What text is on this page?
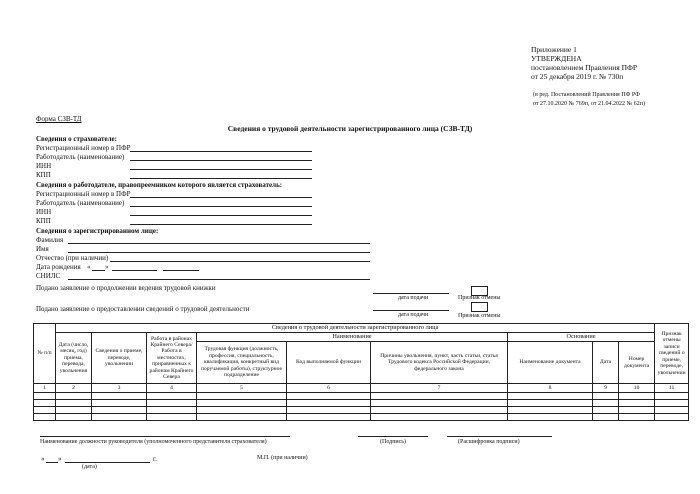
Приложение 1
УТВЕРЖДЕНА
постановлением Правления ПФР
от 25 декабря 2019 г. № 730п
(в ред. Постановлений Правления ПФ РФ
от 27.10.2020 № 769п, от 21.04.2022 № 62п)
Форма СЗВ-ТД
Сведения о трудовой деятельности зарегистрированного лица (СЗВ-ТД)
Сведения о страхователе:
Регистрационный номер в ПФР
Работодатель (наименование)
ИНН
КПП
Сведения о работодателе, правопреемником которого является страхователь:
Регистрационный номер в ПФР
Работодатель (наименование)
ИНН
КПП
Сведения о зарегистрированном лице:
Фамилия
Имя
Отчество (при наличии)
Дата рождения « »
СНИЛС
Подано заявление о продолжении ведения трудовой книжки
дата подачи	Признак отмены
Подано заявление о предоставлении сведений о трудовой деятельности
дата подачи	Признак отмены
№ п/п	Сведения о трудовой деятельности зарегистрированного лица									Признак отмены записи сведений о приеме, переводе, увольнении
	Дата (число, месяц, год) приема, перевода, увольнения	Сведения о приеме, переводе, увольнении	Работа в районах Крайнего Севера/Работа в местностях, приравненных к районам Крайнего Севера	Наименование			Основание			
				Трудовая функция (должность, профессия, специальность, квалификация, конкретный вид поручаемой работы), структурное подразделение	Код выполняемой функции	Причины увольнения, пункт, часть статьи, статья Трудового кодекса Российской Федерации, федерального закона	Наименование документа	Дата	Номер документа	
1	2	3	4	5	6	7	8	9	10	11

Наименование должности руководителя (уполномоченного представителя страхователя)	(Подпись)	(Расшифровка подписи)
« »	г.
(дата)
М.П. (при наличии)
